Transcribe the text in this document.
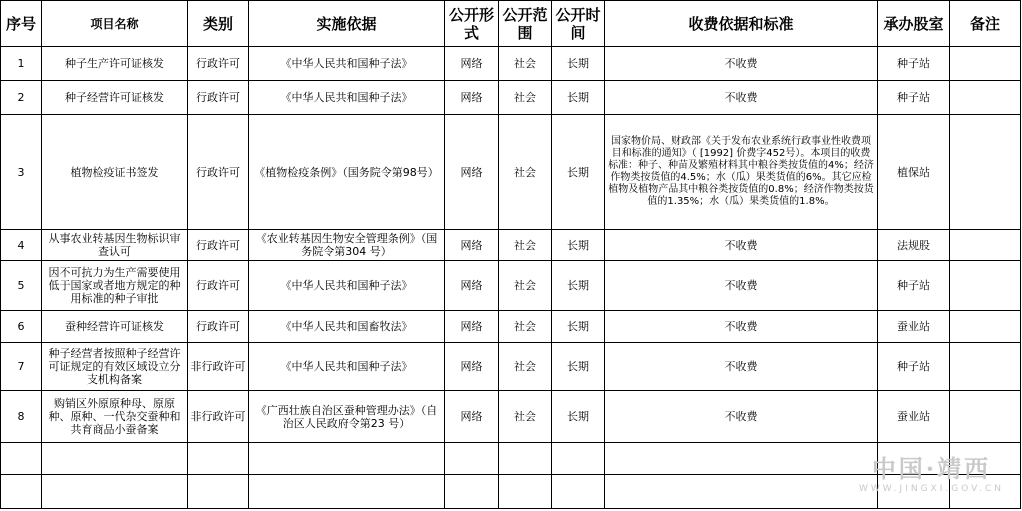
序号	项目名称	类别	实施依据	公开形式	公开范围	公开时间	收费依据和标准	承办股室	备注
1	种子生产许可证核发	行政许可	《中华人民共和国种子法》	网络	社会	长期	不收费	种子站	
2	种子经营许可证核发	行政许可	《中华人民共和国种子法》	网络	社会	长期	不收费	种子站	
3	植物检疫证书签发	行政许可	《植物检疫条例》（国务院令第98号）	网络	社会	长期	国家物价局、财政部《关于发布农业系统行政事业性收费项目和标准的通知》（ [1992] 价费字452号）。本项目的收费标准：种子、种苗及繁殖材料其中粮谷类按货值的4%；经济作物类按货值的4.5%；水（瓜）果类货值的6%。其它应检植物及植物产品其中粮谷类按货值的0.8%；经济作物类按货值的1.35%；水（瓜）果类货值的1.8%。	植保站	
4	从事农业转基因生物标识审查认可	行政许可	《农业转基因生物安全管理条例》（国务院令第304 号）	网络	社会	长期	不收费	法规股	
5	因不可抗力为生产需要使用低于国家或者地方规定的种用标准的种子审批	行政许可	《中华人民共和国种子法》	网络	社会	长期	不收费	种子站	
6	蚕种经营许可证核发	行政许可	《中华人民共和国畜牧法》	网络	社会	长期	不收费	蚕业站	
7	种子经营者按照种子经营许可证规定的有效区域设立分支机构备案	非行政许可	《中华人民共和国种子法》	网络	社会	长期	不收费	种子站	
8	购销区外原原种母、原原种、原种、一代杂交蚕种和共育商品小蚕备案	非行政许可	《广西壮族自治区蚕种管理办法》（自治区人民政府令第23 号）	网络	社会	长期	不收费	蚕业站	

中国·靖西
WWW.JINGXI.GOV.CN
